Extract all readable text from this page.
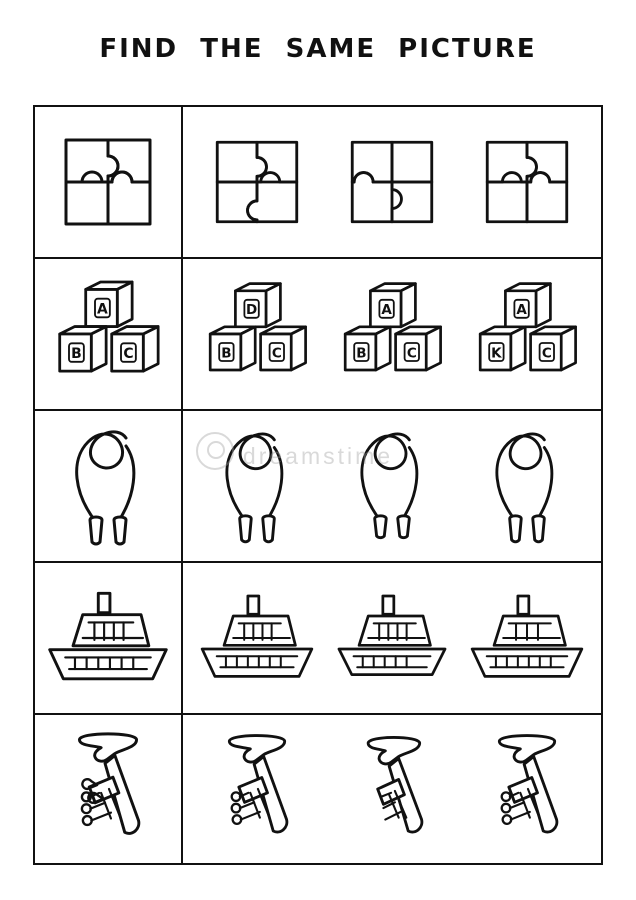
FIND  THE  SAME  PICTURE
A
B	C
D
B	C
A
B	C
A
K	C
dreamstime
